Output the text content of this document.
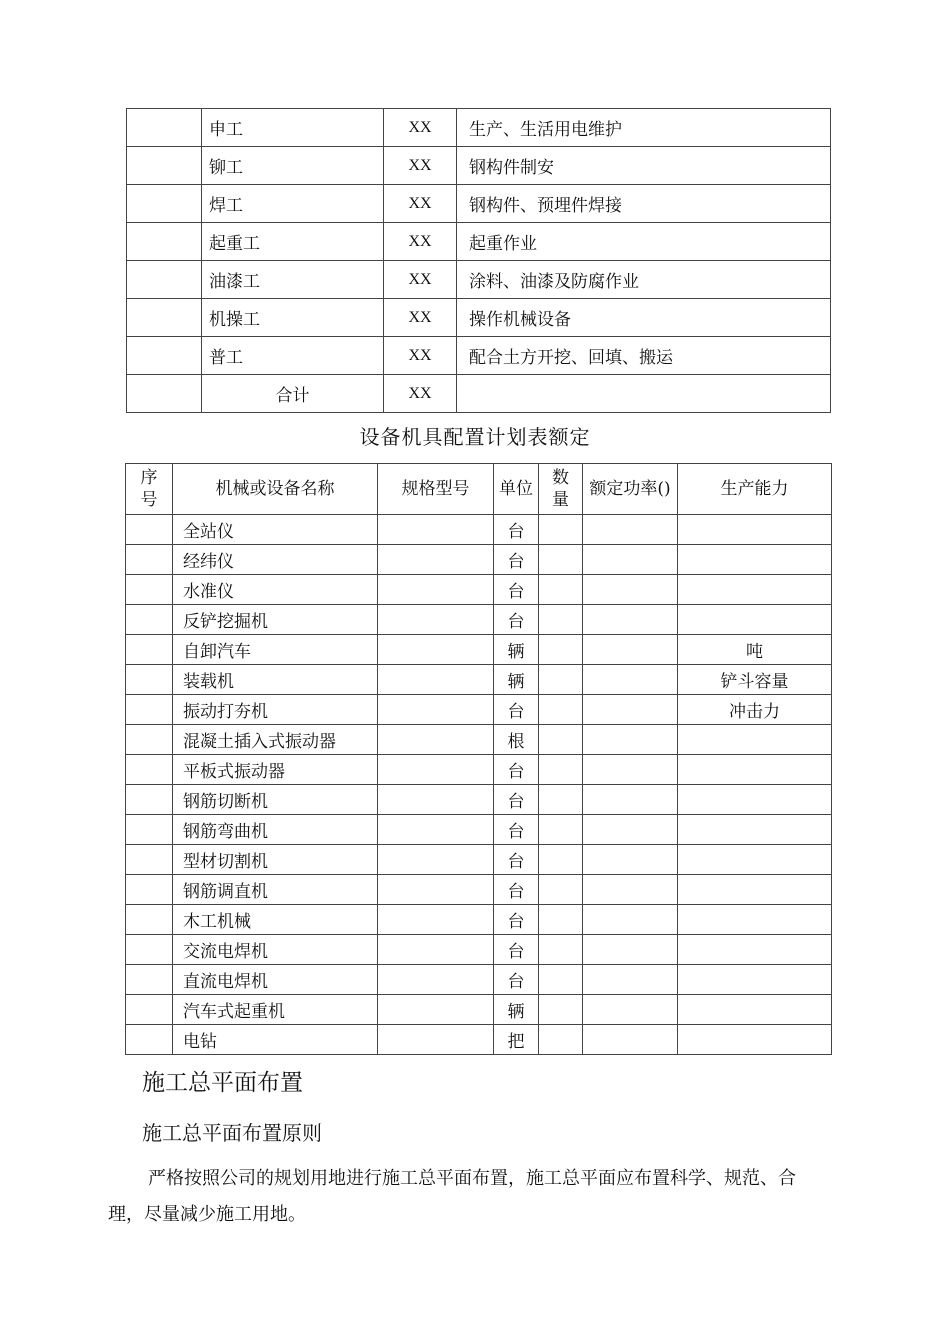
	申工	XX	生产、生活用电维护
	铆工	XX	钢构件制安
	焊工	XX	钢构件、预埋件焊接
	起重工	XX	起重作业
	油漆工	XX	涂料、油漆及防腐作业
	机操工	XX	操作机械设备
	普工	XX	配合土方开挖、回填、搬运
	合计	XX	
设备机具配置计划表额定
序号	机械或设备名称	规格型号	单位	数量	额定功率()	生产能力
	全站仪		台			
	经纬仪		台			
	水准仪		台			
	反铲挖掘机		台			
	自卸汽车		辆			吨
	装载机		辆			铲斗容量
	振动打夯机		台			冲击力
	混凝土插入式振动器		根			
	平板式振动器		台			
	钢筋切断机		台			
	钢筋弯曲机		台			
	型材切割机		台			
	钢筋调直机		台			
	木工机械		台			
	交流电焊机		台			
	直流电焊机		台			
	汽车式起重机		辆			
	电钻		把			
施工总平面布置
施工总平面布置原则

严格按照公司的规划用地进行施工总平面布置，施工总平面应布置科学、规范、合理，尽量减少施工用地。
